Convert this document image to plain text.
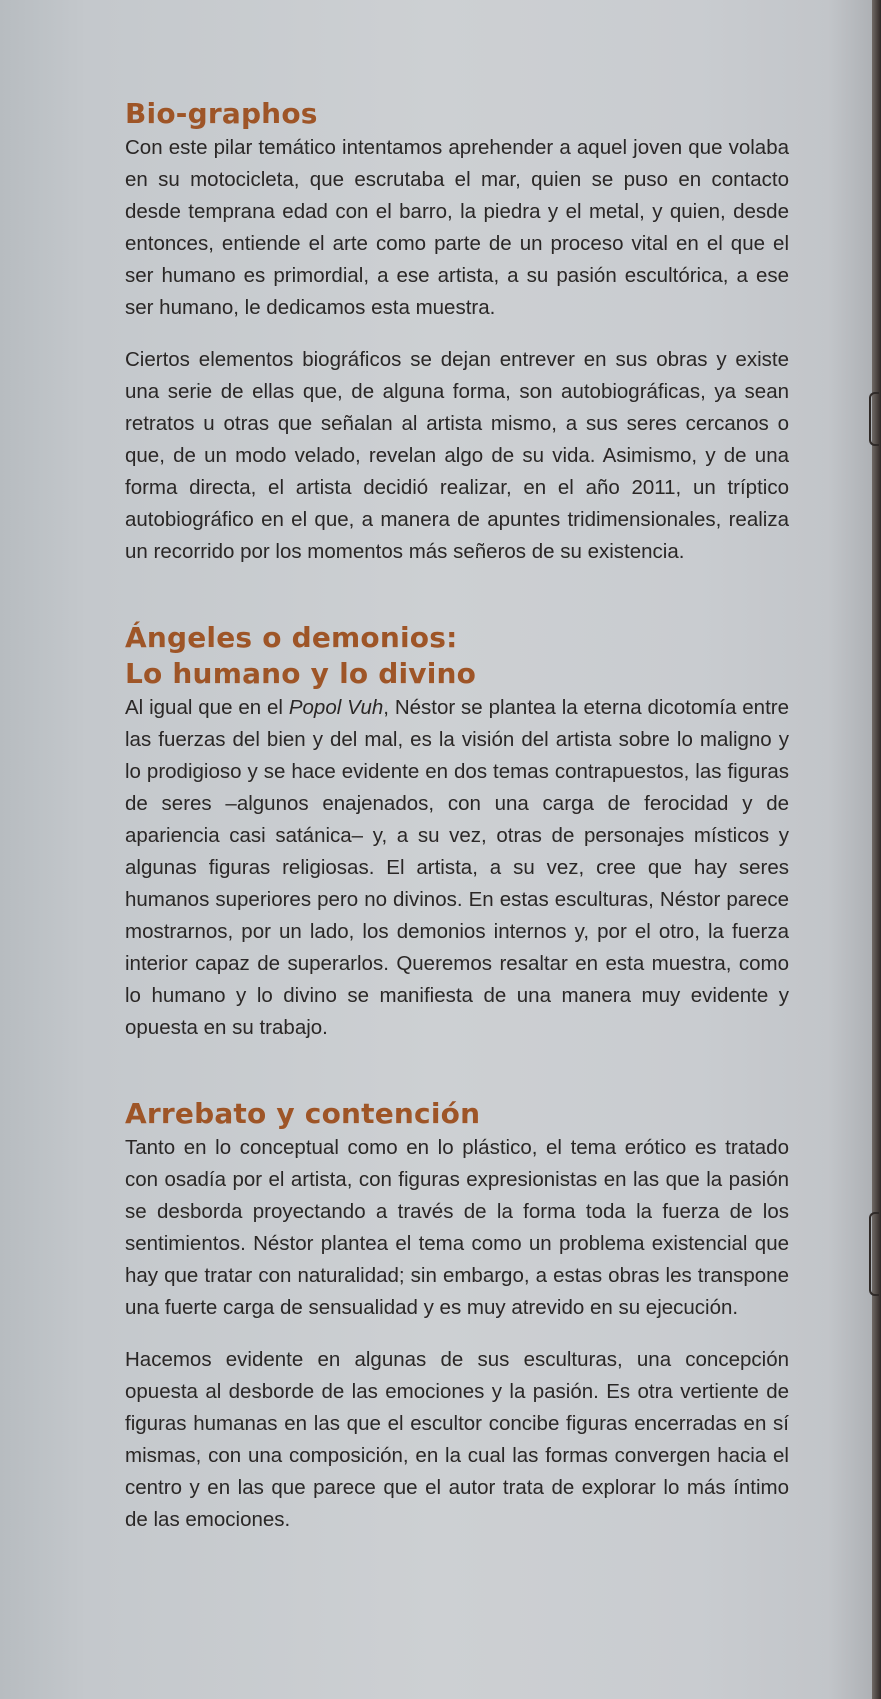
Bio-graphos

Con este pilar temático intentamos aprehender a aquel joven que volaba en su motocicleta, que escrutaba el mar, quien se puso en contacto desde temprana edad con el barro, la piedra y el metal, y quien, desde entonces, entiende el arte como parte de un proceso vital en el que el ser humano es primordial, a ese artista, a su pasión escultórica, a ese ser humano, le dedicamos esta muestra.

Ciertos elementos biográficos se dejan entrever en sus obras y existe una serie de ellas que, de alguna forma, son autobiográficas, ya sean retratos u otras que señalan al artista mismo, a sus seres cercanos o que, de un modo velado, revelan algo de su vida. Asimismo, y de una forma directa, el artista decidió realizar, en el año 2011, un tríptico autobiográfico en el que, a manera de apuntes tridimensionales, realiza un recorrido por los momentos más señeros de su existencia.

Ángeles o demonios:
Lo humano y lo divino

Al igual que en el Popol Vuh, Néstor se plantea la eterna dicotomía entre las fuerzas del bien y del mal, es la visión del artista sobre lo maligno y lo prodigioso y se hace evidente en dos temas contrapuestos, las figuras de seres –algunos enajenados, con una carga de ferocidad y de apariencia casi satánica– y, a su vez, otras de personajes místicos y algunas figuras religiosas. El artista, a su vez, cree que hay seres humanos superiores pero no divinos. En estas esculturas, Néstor parece mostrarnos, por un lado, los demonios internos y, por el otro, la fuerza interior capaz de superarlos. Queremos resaltar en esta muestra, como lo humano y lo divino se manifiesta de una manera muy evidente y opuesta en su trabajo.

Arrebato y contención

Tanto en lo conceptual como en lo plástico, el tema erótico es tratado con osadía por el artista, con figuras expresionistas en las que la pasión se desborda proyectando a través de la forma toda la fuerza de los sentimientos. Néstor plantea el tema como un problema existencial que hay que tratar con naturalidad; sin embargo, a estas obras les transpone una fuerte carga de sensualidad y es muy atrevido en su ejecución.

Hacemos evidente en algunas de sus esculturas, una concepción opuesta al desborde de las emociones y la pasión. Es otra vertiente de figuras humanas en las que el escultor concibe figuras encerradas en sí mismas, con una composición, en la cual las formas convergen hacia el centro y en las que parece que el autor trata de explorar lo más íntimo de las emociones.
